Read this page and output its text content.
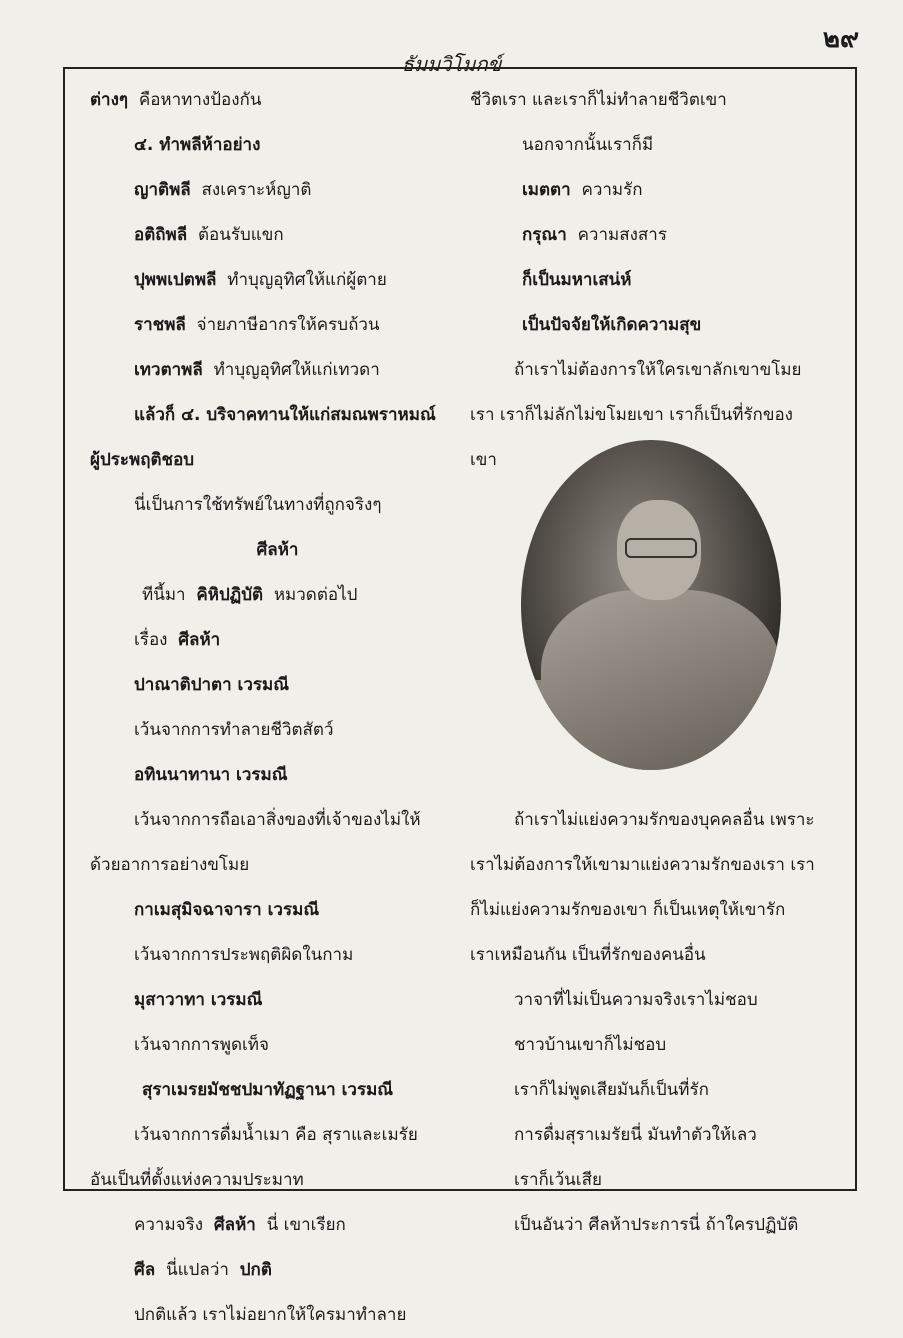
๒๙
ธัมมวิโมกข์
ต่างๆ คือหาทางป้องกัน
๔. ทำพลีห้าอย่าง
ญาติพลี สงเคราะห์ญาติ
อติถิพลี ต้อนรับแขก
ปุพพเปตพลี ทำบุญอุทิศให้แก่ผู้ตาย
ราชพลี จ่ายภาษีอากรให้ครบถ้วน
เทวตาพลี ทำบุญอุทิศให้แก่เทวดา
แล้วก็ ๔. บริจาคทานให้แก่สมณพราหมณ์
ผู้ประพฤติชอบ
นี่เป็นการใช้ทรัพย์ในทางที่ถูกจริงๆ
ศีลห้า
ทีนี้มา คิหิปฏิบัติ หมวดต่อไป
เรื่อง ศีลห้า
ปาณาติปาตา เวรมณี
เว้นจากการทำลายชีวิตสัตว์
อทินนาทานา เวรมณี
เว้นจากการถือเอาสิ่งของที่เจ้าของไม่ให้
ด้วยอาการอย่างขโมย
กาเมสุมิจฉาจารา เวรมณี
เว้นจากการประพฤติผิดในกาม
มุสาวาทา เวรมณี
เว้นจากการพูดเท็จ
สุราเมรยมัชชปมาทัฏฐานา เวรมณี
เว้นจากการดื่มน้ำเมา คือ สุราและเมรัย
อันเป็นที่ตั้งแห่งความประมาท
ความจริง ศีลห้า นี่ เขาเรียก
ศีล นี่แปลว่า ปกติ
ปกติแล้ว เราไม่อยากให้ใครมาทำลาย
ชีวิตเรา และเราก็ไม่ทำลายชีวิตเขา
นอกจากนั้นเราก็มี
เมตตา ความรัก
กรุณา ความสงสาร
ก็เป็นมหาเสน่ห์
เป็นปัจจัยให้เกิดความสุข
ถ้าเราไม่ต้องการให้ใครเขาลักเขาขโมย
เรา เราก็ไม่ลักไม่ขโมยเขา เราก็เป็นที่รักของ
เขา
ถ้าเราไม่แย่งความรักของบุคคลอื่น เพราะ
เราไม่ต้องการให้เขามาแย่งความรักของเรา เรา
ก็ไม่แย่งความรักของเขา ก็เป็นเหตุให้เขารัก
เราเหมือนกัน เป็นที่รักของคนอื่น
วาจาที่ไม่เป็นความจริงเราไม่ชอบ
ชาวบ้านเขาก็ไม่ชอบ
เราก็ไม่พูดเสียมันก็เป็นที่รัก
การดื่มสุราเมรัยนี่ มันทำตัวให้เลว
เราก็เว้นเสีย
เป็นอันว่า ศีลห้าประการนี่ ถ้าใครปฏิบัติ
